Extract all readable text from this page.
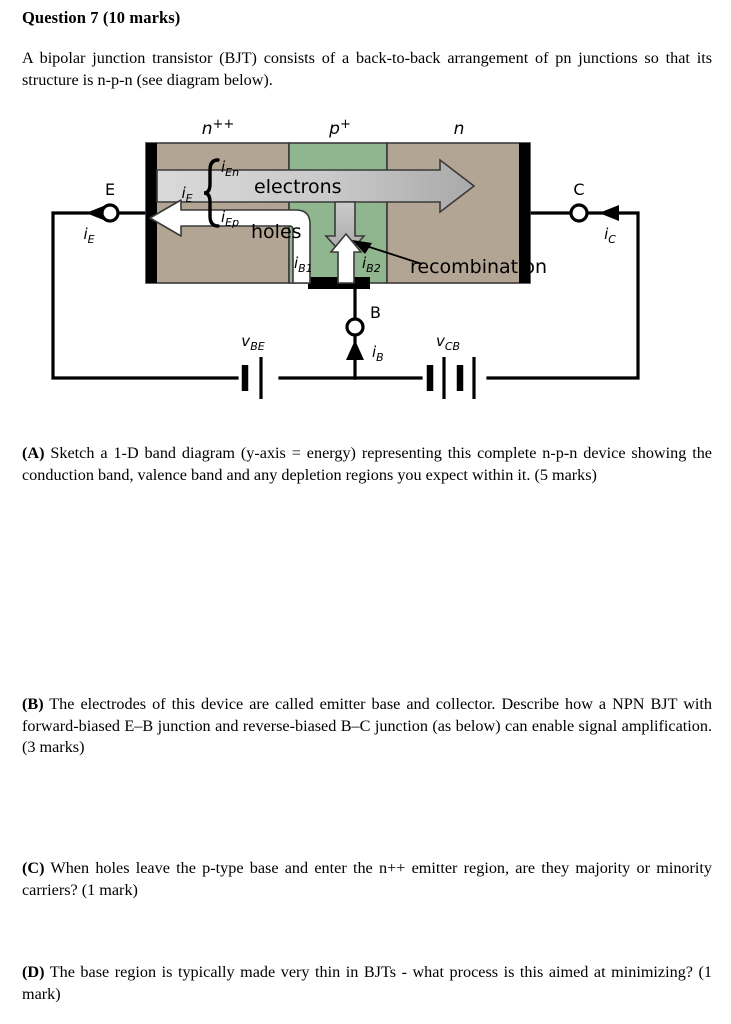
Question 7 (10 marks)
A bipolar junction transistor (BJT) consists of a back-to-back arrangement of pn junctions so that its structure is n-p-n (see diagram below).
n++	p+	n
E	C
B
$i_E$	$i_C$
$i_B$
$i_E$
$i_{En}$
$i_{Ep}$
$i_{B1}$	$i_{B2}$
electrons
holes
recombination
$v_{BE}$	$v_{CB}$
(A) Sketch a 1-D band diagram (y-axis = energy) representing this complete n-p-n device showing the conduction band, valence band and any depletion regions you expect within it. (5 marks)
(B) The electrodes of this device are called emitter base and collector. Describe how a NPN BJT with forward-biased E–B junction and reverse-biased B–C junction (as below) can enable signal amplification. (3 marks)
(C) When holes leave the p-type base and enter the n++ emitter region, are they majority or minority carriers? (1 mark)
(D) The base region is typically made very thin in BJTs - what process is this aimed at minimizing? (1 mark)
